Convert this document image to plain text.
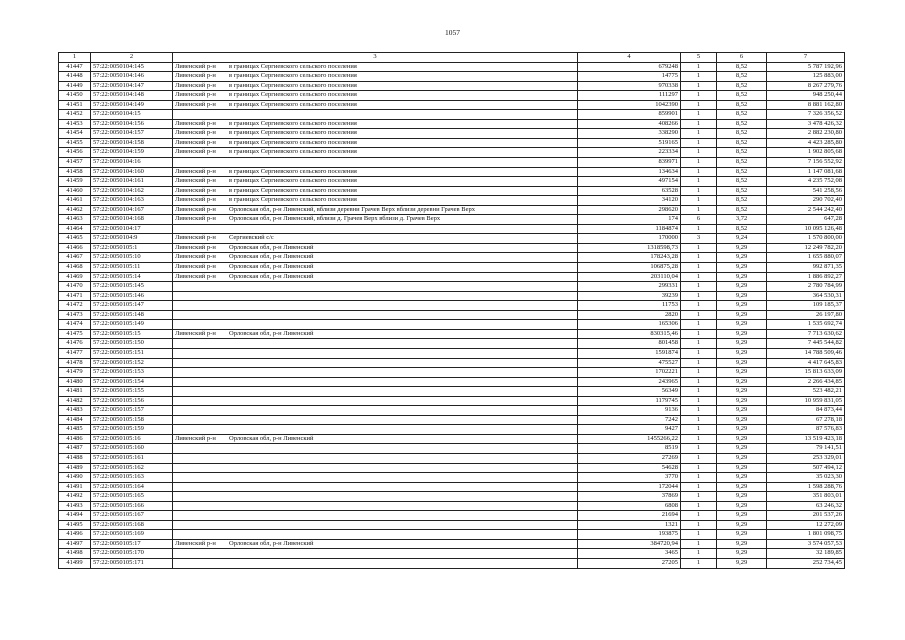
1057
1	2	3	4	5	6	7
41447	57:22:0050104:145	Ливенский р-н в границах Сергиевского сельского поселения	679248	1	8,52	5 787 192,96
41448	57:22:0050104:146	Ливенский р-н в границах Сергиевского сельского поселения	14775	1	8,52	125 883,00
41449	57:22:0050104:147	Ливенский р-н в границах Сергиевского сельского поселения	970338	1	8,52	8 267 279,76
41450	57:22:0050104:148	Ливенский р-н в границах Сергиевского сельского поселения	111297	1	8,52	948 250,44
41451	57:22:0050104:149	Ливенский р-н в границах Сергиевского сельского поселения	1042390	1	8,52	8 881 162,80
41452	57:22:0050104:15		859901	1	8,52	7 326 356,52
41453	57:22:0050104:156	Ливенский р-н в границах Сергиевского сельского поселения	408266	1	8,52	3 478 426,32
41454	57:22:0050104:157	Ливенский р-н в границах Сергиевского сельского поселения	338290	1	8,52	2 882 230,80
41455	57:22:0050104:158	Ливенский р-н в границах Сергиевского сельского поселения	519165	1	8,52	4 423 285,80
41456	57:22:0050104:159	Ливенский р-н в границах Сергиевского сельского поселения	223334	1	8,52	1 902 805,68
41457	57:22:0050104:16		839971	1	8,52	7 156 552,92
41458	57:22:0050104:160	Ливенский р-н в границах Сергиевского сельского поселения	134634	1	8,52	1 147 081,68
41459	57:22:0050104:161	Ливенский р-н в границах Сергиевского сельского поселения	497154	1	8,52	4 235 752,08
41460	57:22:0050104:162	Ливенский р-н в границах Сергиевского сельского поселения	63528	1	8,52	541 258,56
41461	57:22:0050104:163	Ливенский р-н в границах Сергиевского сельского поселения	34120	1	8,52	290 702,40
41462	57:22:0050104:167	Ливенский р-н Орловская обл, р-н Ливенский, вблизи деревни Грачев Верх вблизи деревни Грачев Верх	298620	1	8,52	2 544 242,40
41463	57:22:0050104:168	Ливенский р-н Орловская обл, р-н Ливенский, вблизи д. Грачев Верх вблизи д. Грачев Верх	174	6	3,72	647,28
41464	57:22:0050104:17		1184874	1	8,52	10 095 126,48
41465	57:22:0050104:9	Ливенский р-н Сергиевский с/с	170000	3	9,24	1 570 800,00
41466	57:22:0050105:1	Ливенский р-н Орловская обл, р-н Ливенский	1318598,73	1	9,29	12 249 782,20
41467	57:22:0050105:10	Ливенский р-н Орловская обл, р-н Ливенский	178243,28	1	9,29	1 655 880,07
41468	57:22:0050105:11	Ливенский р-н Орловская обл, р-н Ливенский	106875,28	1	9,29	992 871,35
41469	57:22:0050105:14	Ливенский р-н Орловская обл, р-н Ливенский	203110,04	1	9,29	1 886 892,27
41470	57:22:0050105:145		299331	1	9,29	2 780 784,99
41471	57:22:0050105:146		39239	1	9,29	364 530,31
41472	57:22:0050105:147		11753	1	9,29	109 185,37
41473	57:22:0050105:148		2820	1	9,29	26 197,80
41474	57:22:0050105:149		165306	1	9,29	1 535 692,74
41475	57:22:0050105:15	Ливенский р-н Орловская обл, р-н Ливенский	830315,46	1	9,29	7 713 630,62
41476	57:22:0050105:150		801458	1	9,29	7 445 544,82
41477	57:22:0050105:151		1591874	1	9,29	14 788 509,46
41478	57:22:0050105:152		475527	1	9,29	4 417 645,83
41479	57:22:0050105:153		1702221	1	9,29	15 813 633,09
41480	57:22:0050105:154		243965	1	9,29	2 266 434,85
41481	57:22:0050105:155		56349	1	9,29	523 482,21
41482	57:22:0050105:156		1179745	1	9,29	10 959 831,05
41483	57:22:0050105:157		9136	1	9,29	84 873,44
41484	57:22:0050105:158		7242	1	9,29	67 278,18
41485	57:22:0050105:159		9427	1	9,29	87 576,83
41486	57:22:0050105:16	Ливенский р-н Орловская обл, р-н Ливенский	1455266,22	1	9,29	13 519 423,18
41487	57:22:0050105:160		8519	1	9,29	79 141,51
41488	57:22:0050105:161		27269	1	9,29	253 329,01
41489	57:22:0050105:162		54628	1	9,29	507 494,12
41490	57:22:0050105:163		3770	1	9,29	35 023,30
41491	57:22:0050105:164		172044	1	9,29	1 598 288,76
41492	57:22:0050105:165		37869	1	9,29	351 803,01
41493	57:22:0050105:166		6808	1	9,29	63 246,32
41494	57:22:0050105:167		21694	1	9,29	201 537,26
41495	57:22:0050105:168		1321	1	9,29	12 272,09
41496	57:22:0050105:169		193875	1	9,29	1 801 098,75
41497	57:22:0050105:17	Ливенский р-н Орловская обл, р-н Ливенский	384720,94	1	9,29	3 574 057,53
41498	57:22:0050105:170		3465	1	9,29	32 189,85
41499	57:22:0050105:171		27205	1	9,29	252 734,45
